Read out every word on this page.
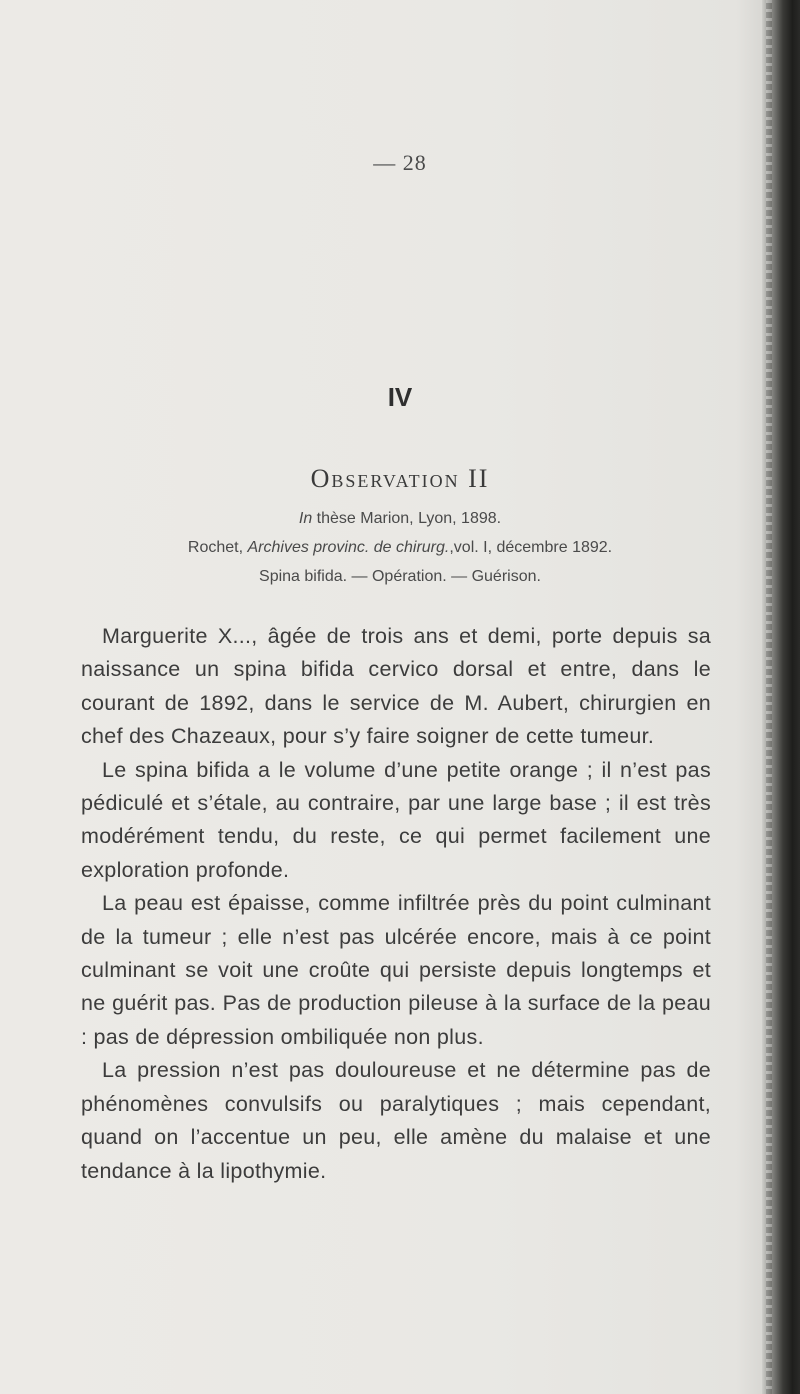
— 28
IV
Observation II
In thèse Marion, Lyon, 1898.
Rochet, Archives provinc. de chirurg.,vol. I, décembre 1892.
Spina bifida. — Opération. — Guérison.

Marguerite X..., âgée de trois ans et demi, porte depuis sa naissance un spina bifida cervico dorsal et entre, dans le courant de 1892, dans le service de M. Aubert, chirurgien en chef des Chazeaux, pour s’y faire soigner de cette tumeur.

Le spina bifida a le volume d’une petite orange ; il n’est pas pédiculé et s’étale, au contraire, par une large base ; il est très modérément tendu, du reste, ce qui permet facilement une exploration profonde.

La peau est épaisse, comme infiltrée près du point culminant de la tumeur ; elle n’est pas ulcérée encore, mais à ce point culminant se voit une croûte qui persiste depuis longtemps et ne guérit pas. Pas de production pileuse à la surface de la peau : pas de dépression ombiliquée non plus.

La pression n’est pas douloureuse et ne détermine pas de phénomènes convulsifs ou paralytiques ; mais cependant, quand on l’accentue un peu, elle amène du malaise et une tendance à la lipothymie.
